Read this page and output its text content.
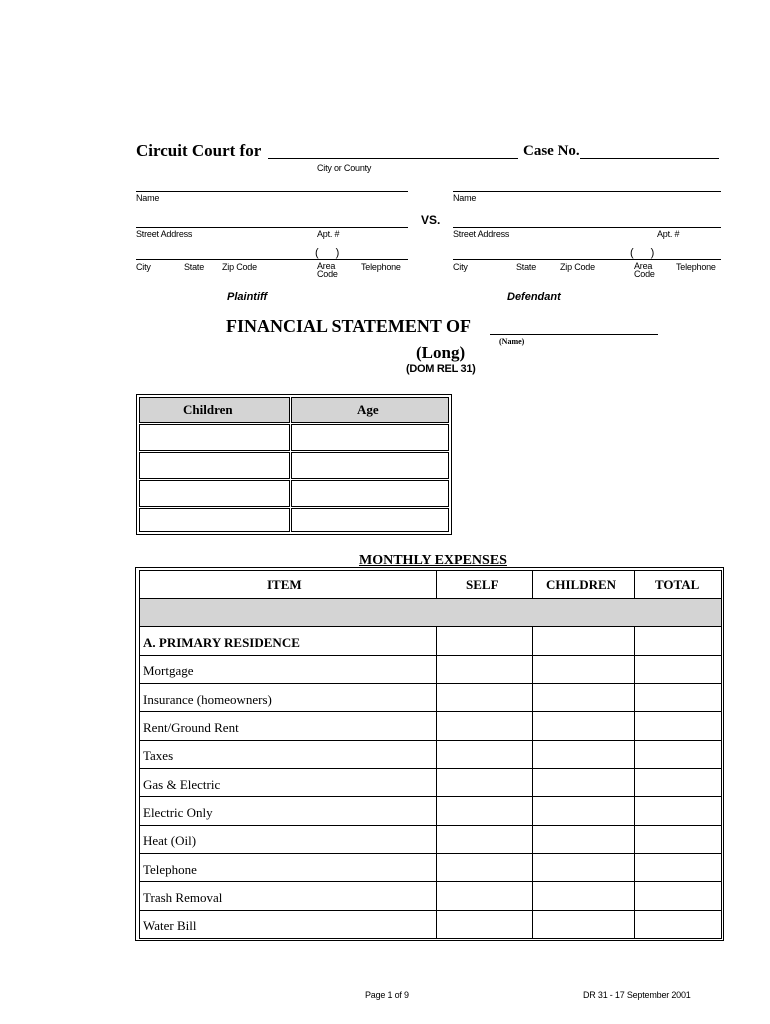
Circuit Court for
City or County
Case No.
Name
Street Address	Apt. #
(      )
City	State Zip Code	Area
Code
Telephone
Plaintiff
VS.
Name
Street Address	Apt. #
(      )
City	State	Zip Code	Area
Code
Telephone
Defendant
FINANCIAL STATEMENT OF
(Name)
(Long)
(DOM REL 31)
Children	Age
MONTHLY EXPENSES
ITEM	SELF	CHILDREN	TOTAL
A. PRIMARY RESIDENCE
Mortgage
Insurance (homeowners)
Rent/Ground Rent
Taxes
Gas & Electric
Electric Only
Heat (Oil)
Telephone
Trash Removal
Water Bill
Page 1 of 9	DR 31 - 17 September 2001
